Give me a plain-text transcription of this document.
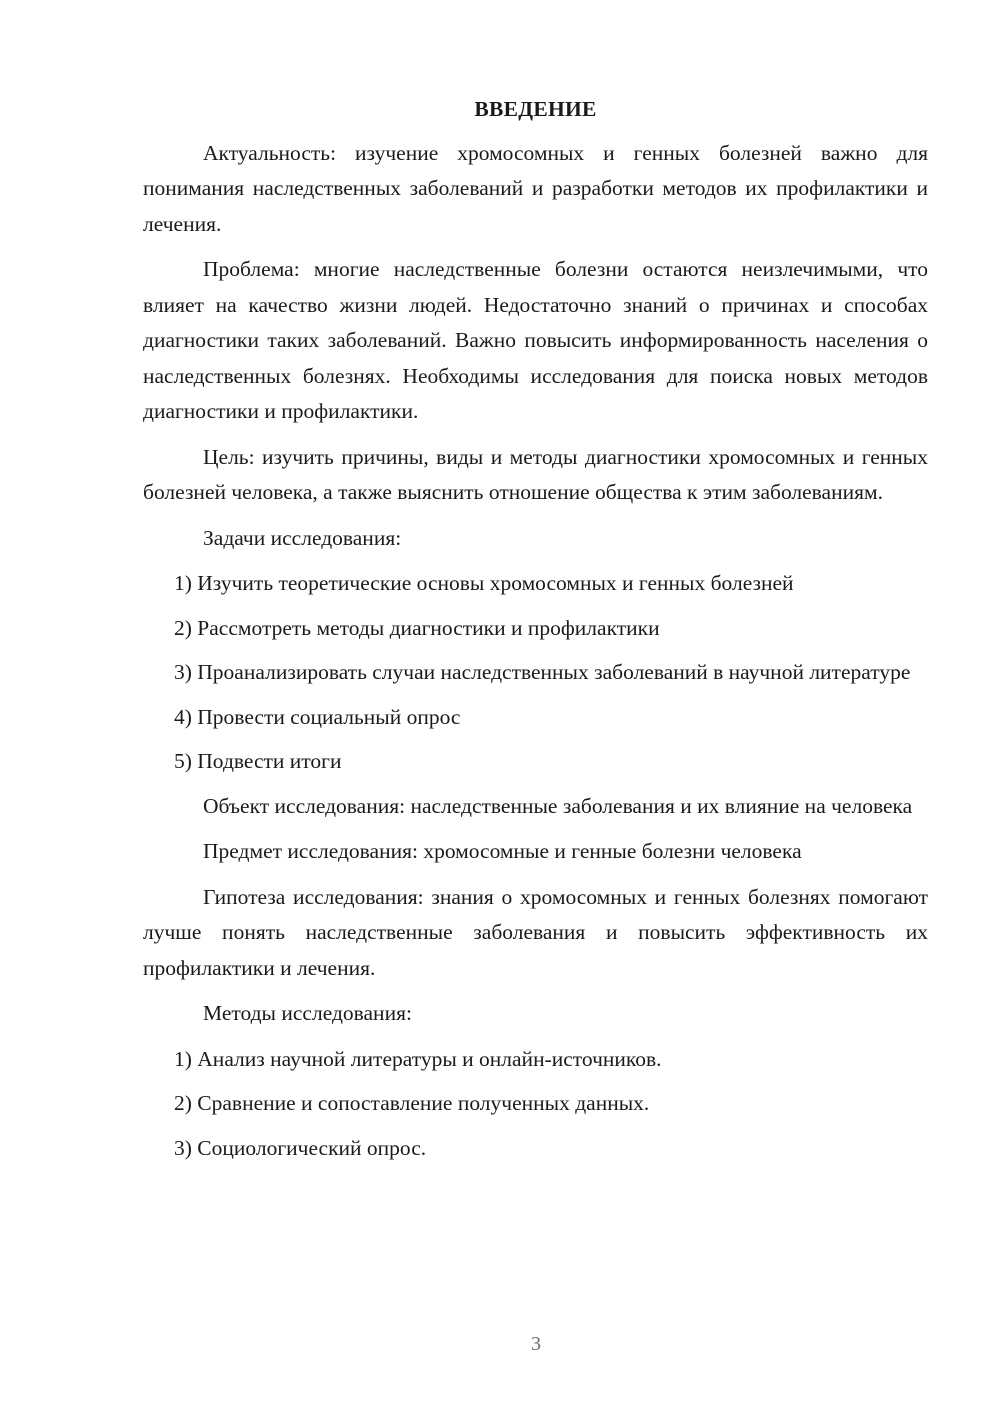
ВВЕДЕНИЕ

Актуальность: изучение хромосомных и генных болезней важно для понимания наследственных заболеваний и разработки методов их профилактики и лечения.

Проблема: многие наследственные болезни остаются неизлечимыми, что влияет на качество жизни людей. Недостаточно знаний о причинах и способах диагностики таких заболеваний. Важно повысить информированность населения о наследственных болезнях. Необходимы исследования для поиска новых методов диагностики и профилактики.

Цель: изучить причины, виды и методы диагностики хромосомных и генных болезней человека, а также выяснить отношение общества к этим заболеваниям.

Задачи исследования:

1) Изучить теоретические основы хромосомных и генных болезней

2) Рассмотреть методы диагностики и профилактики

3) Проанализировать случаи наследственных заболеваний в научной литературе

4) Провести социальный опрос

5) Подвести итоги

Объект исследования: наследственные заболевания и их влияние на человека

Предмет исследования: хромосомные и генные болезни человека

Гипотеза исследования: знания о хромосомных и генных болезнях помогают лучше понять наследственные заболевания и повысить эффективность их профилактики и лечения.

Методы исследования:

1) Анализ научной литературы и онлайн-источников.

2) Сравнение и сопоставление полученных данных.

3) Социологический опрос.

3
